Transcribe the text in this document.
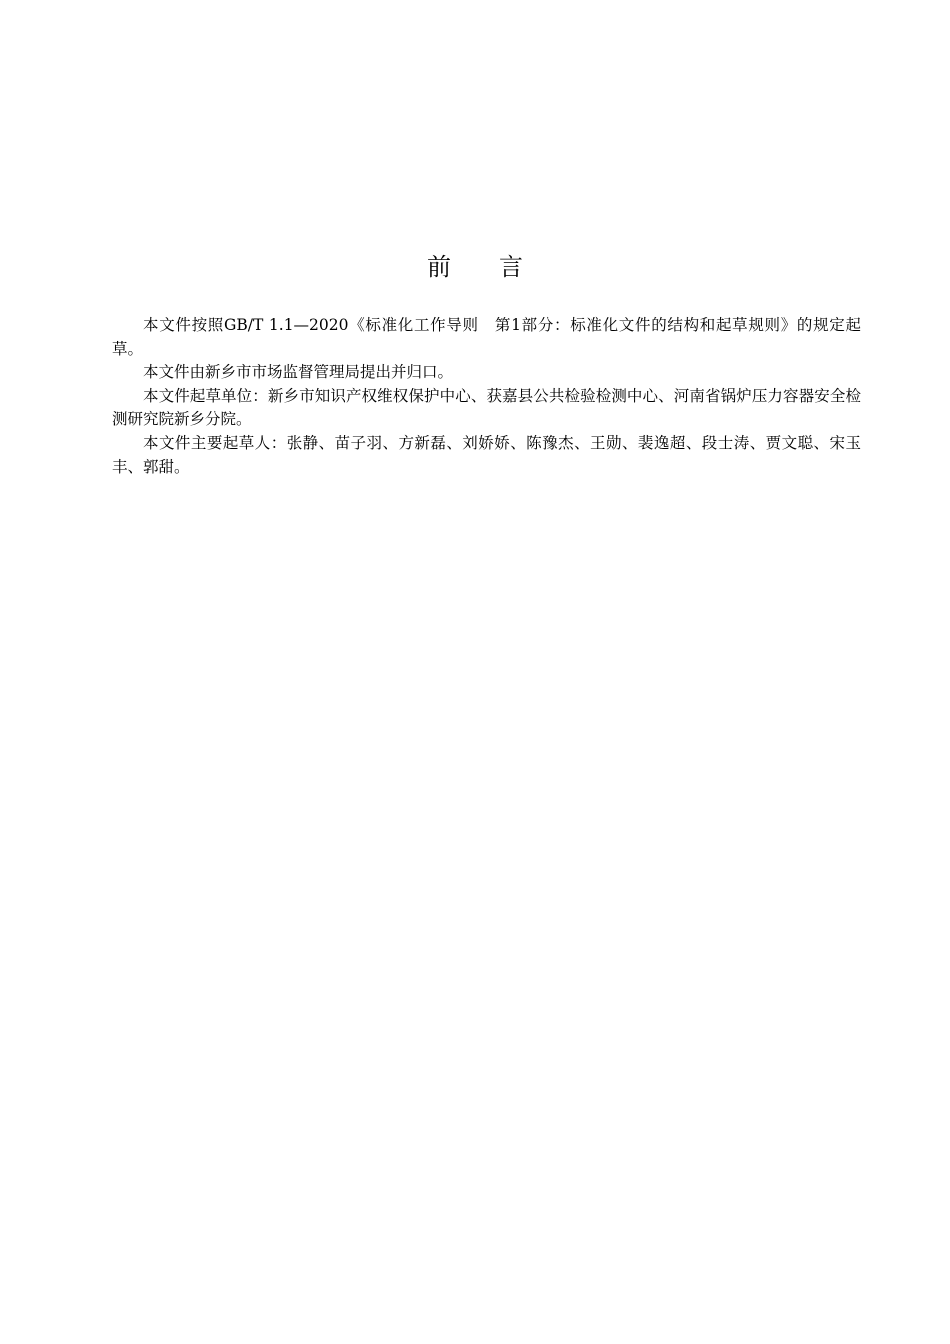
前言

本文件按照GB/T 1.1—2020《标准化工作导则　第1部分：标准化文件的结构和起草规则》的规定起草。

本文件由新乡市市场监督管理局提出并归口。

本文件起草单位：新乡市知识产权维权保护中心、获嘉县公共检验检测中心、河南省锅炉压力容器安全检测研究院新乡分院。

本文件主要起草人：张静、苗子羽、方新磊、刘娇娇、陈豫杰、王勋、裴逸超、段士涛、贾文聪、宋玉丰、郭甜。
